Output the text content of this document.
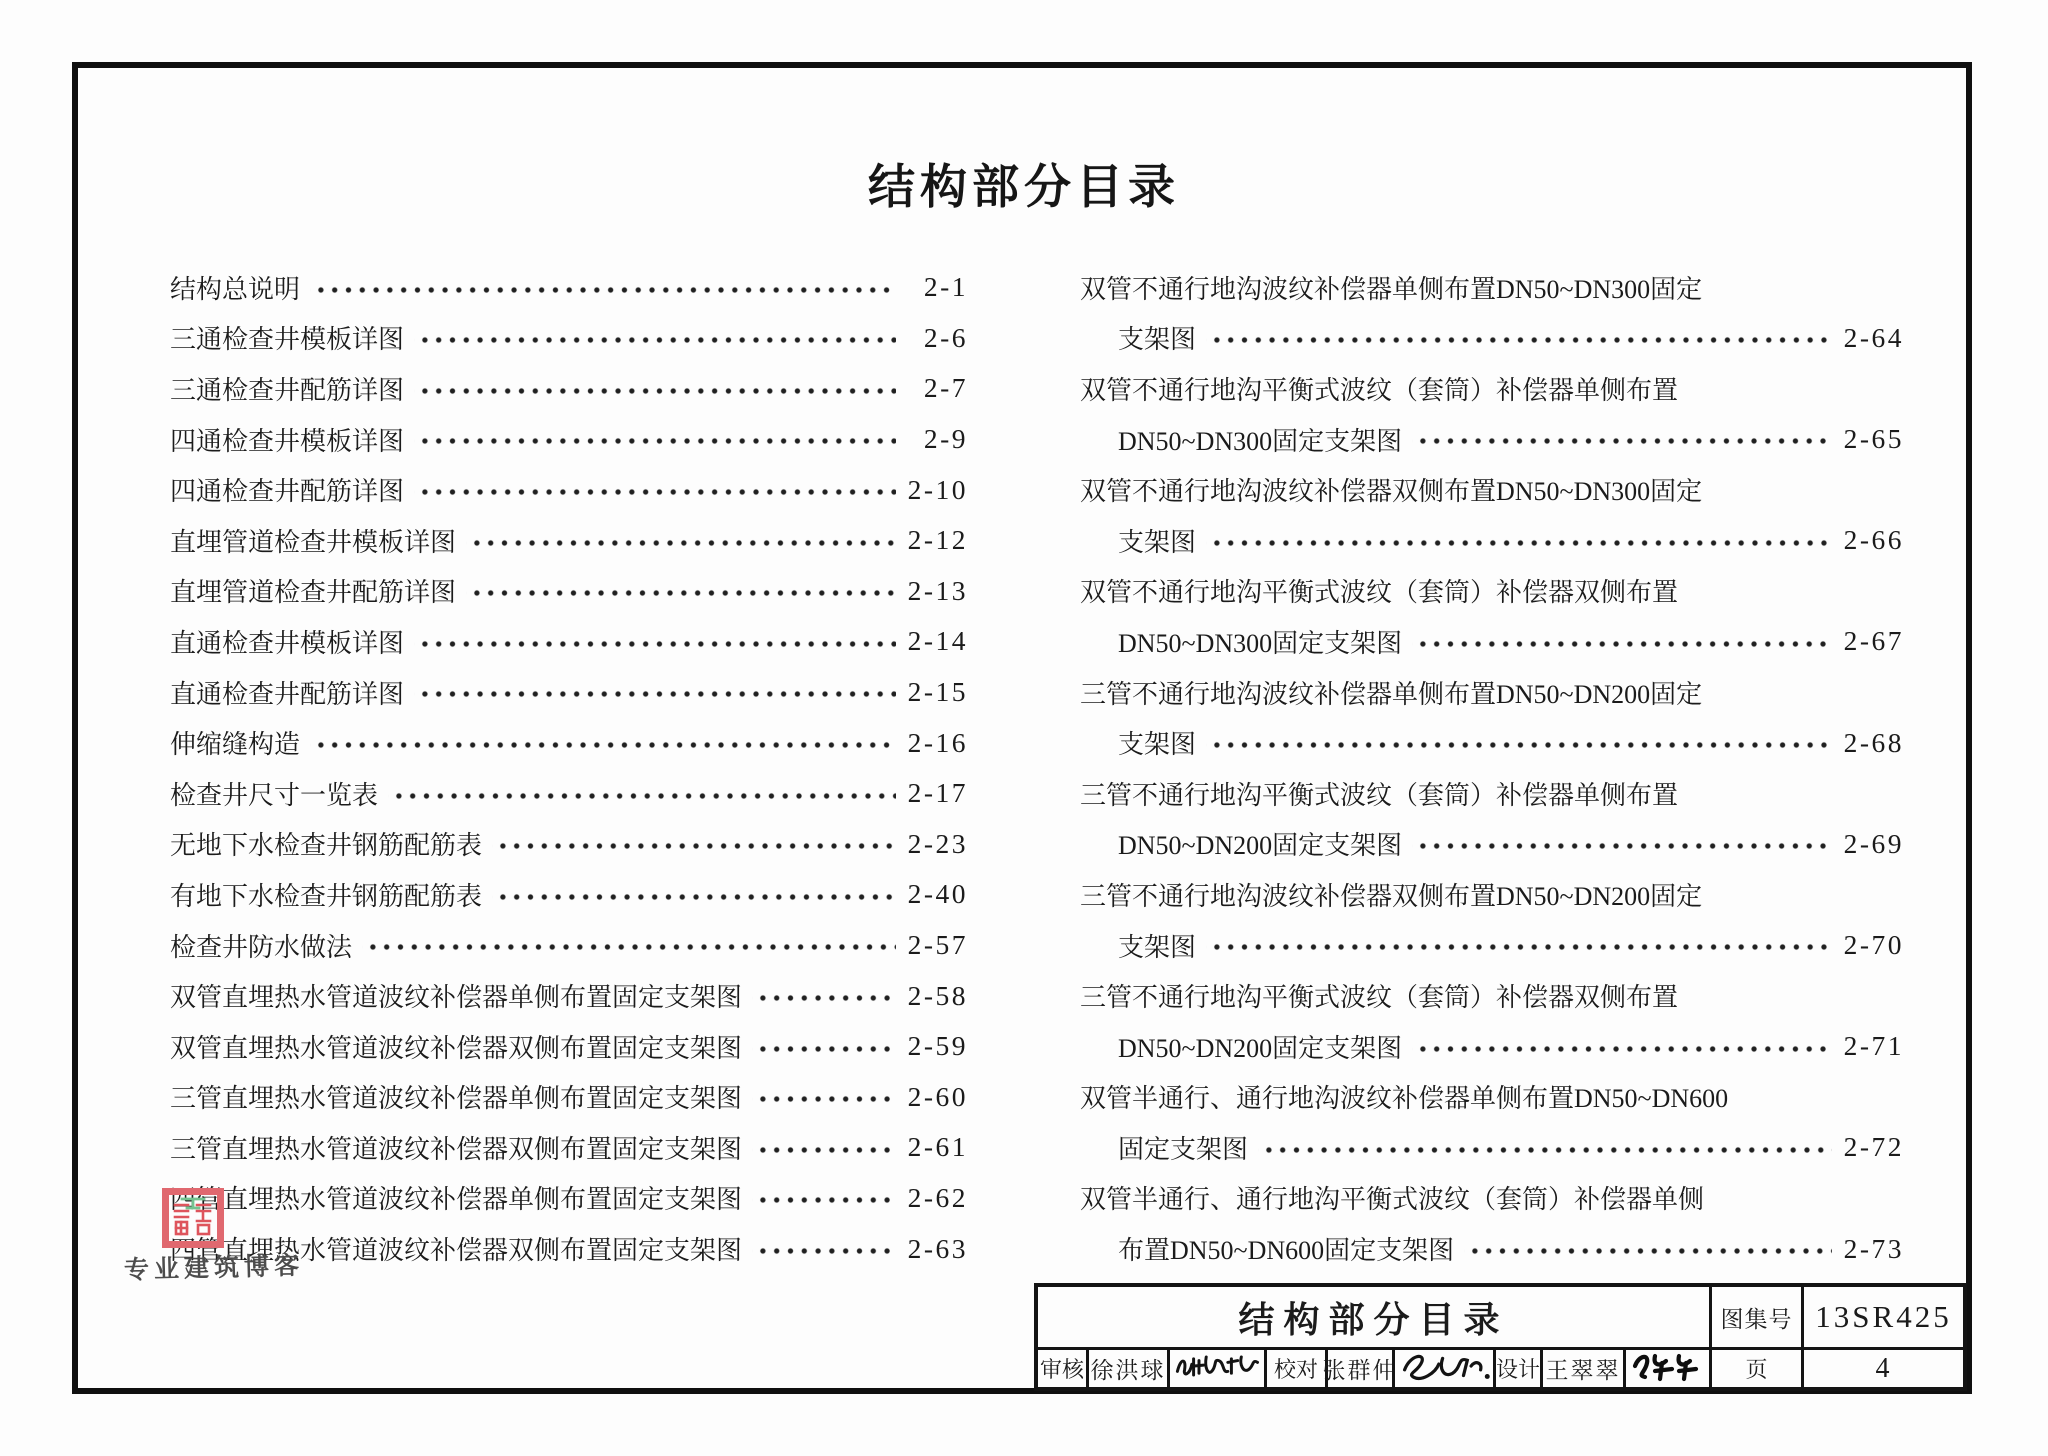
结构部分目录
结构总说明	2-1
三通检查井模板详图	2-6
三通检查井配筋详图	2-7
四通检查井模板详图	2-9
四通检查井配筋详图	2-10
直埋管道检查井模板详图	2-12
直埋管道检查井配筋详图	2-13
直通检查井模板详图	2-14
直通检查井配筋详图	2-15
伸缩缝构造	2-16
检查井尺寸一览表	2-17
无地下水检查井钢筋配筋表	2-23
有地下水检查井钢筋配筋表	2-40
检查井防水做法	2-57
双管直埋热水管道波纹补偿器单侧布置固定支架图	2-58
双管直埋热水管道波纹补偿器双侧布置固定支架图	2-59
三管直埋热水管道波纹补偿器单侧布置固定支架图	2-60
三管直埋热水管道波纹补偿器双侧布置固定支架图	2-61
四管直埋热水管道波纹补偿器单侧布置固定支架图	2-62
四管直埋热水管道波纹补偿器双侧布置固定支架图	2-63
双管不通行地沟波纹补偿器单侧布置DN50~DN300固定
支架图	2-64
双管不通行地沟平衡式波纹（套筒）补偿器单侧布置
DN50~DN300固定支架图	2-65
双管不通行地沟波纹补偿器双侧布置DN50~DN300固定
支架图	2-66
双管不通行地沟平衡式波纹（套筒）补偿器双侧布置
DN50~DN300固定支架图	2-67
三管不通行地沟波纹补偿器单侧布置DN50~DN200固定
支架图	2-68
三管不通行地沟平衡式波纹（套筒）补偿器单侧布置
DN50~DN200固定支架图	2-69
三管不通行地沟波纹补偿器双侧布置DN50~DN200固定
支架图	2-70
三管不通行地沟平衡式波纹（套筒）补偿器双侧布置
DN50~DN200固定支架图	2-71
双管半通行、通行地沟波纹补偿器单侧布置DN50~DN600
固定支架图	2-72
双管半通行、通行地沟平衡式波纹（套筒）补偿器单侧
布置DN50~DN600固定支架图	2-73
专业建筑博客
结构部分目录	图集号 13SR425
审核 徐洪球	校对 张群仲	设计 王翠翠	页	4
